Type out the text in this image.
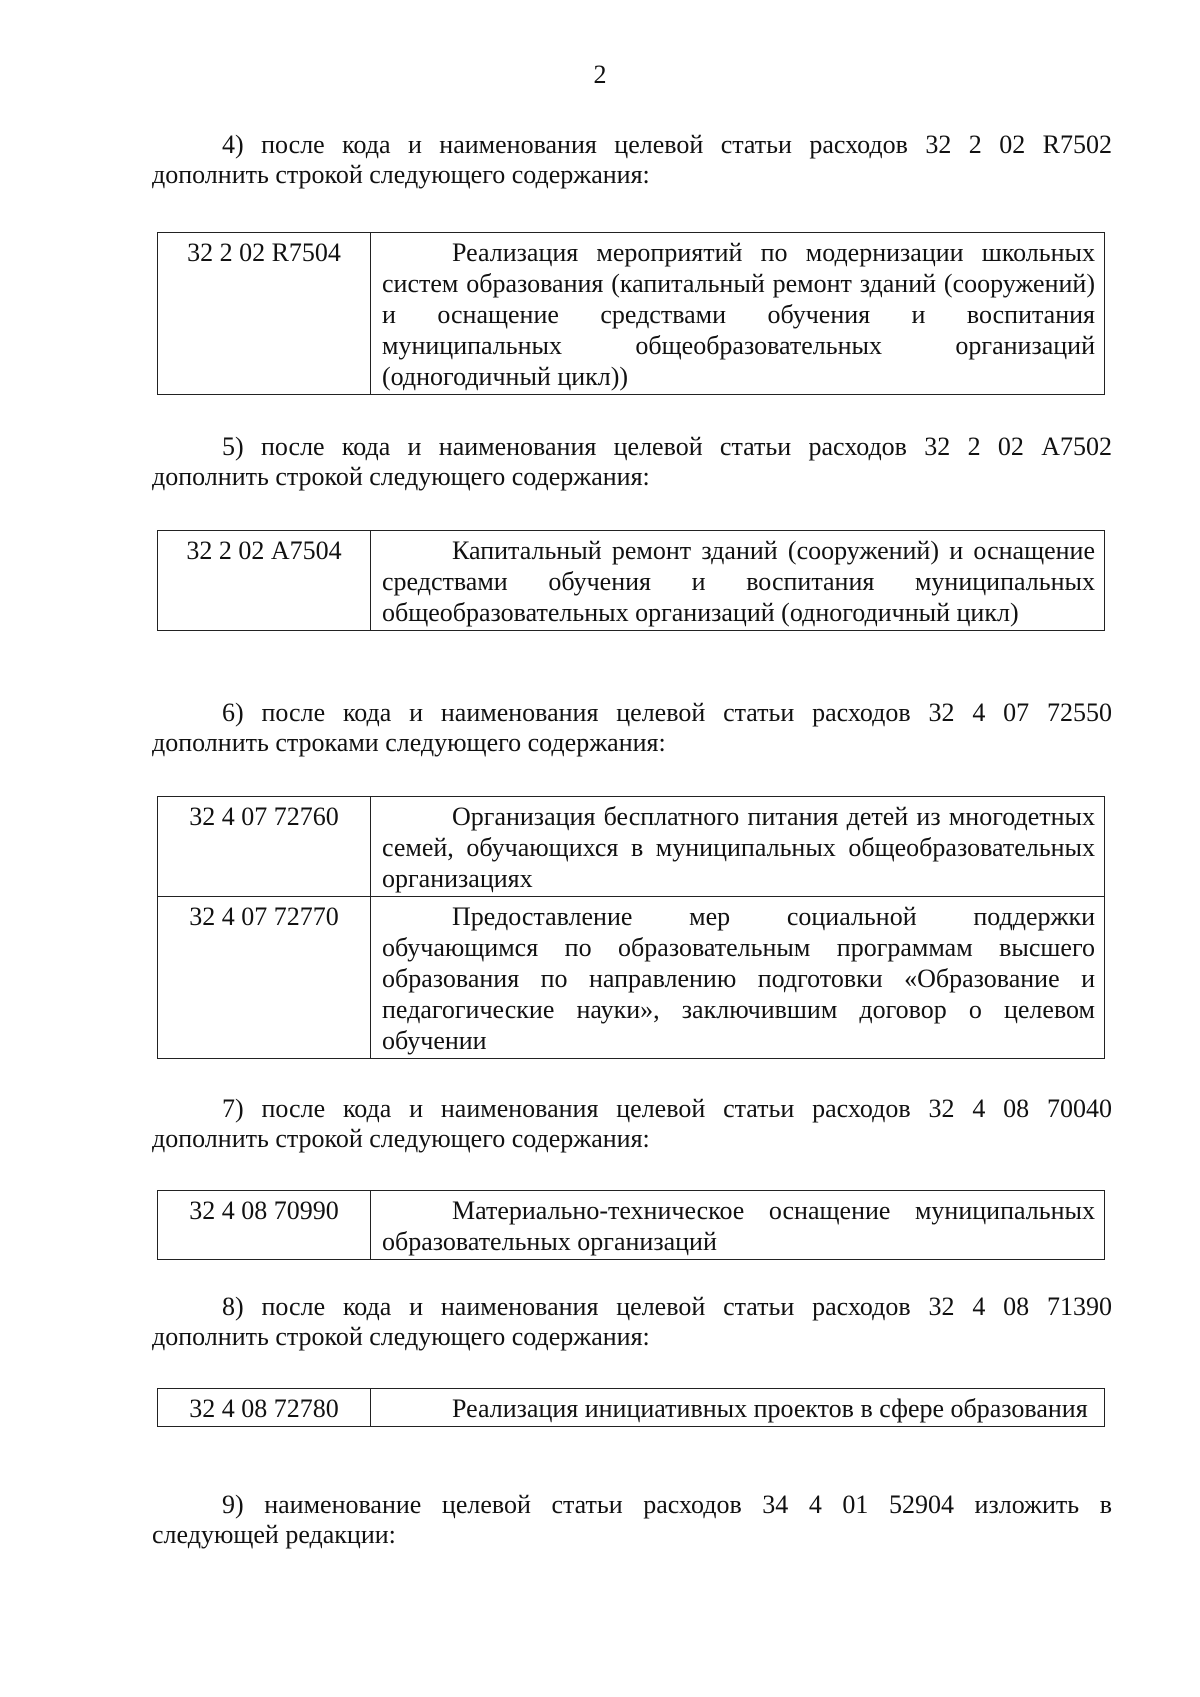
2
4) после кода и наименования целевой статьи расходов 32 2 02 R7502
дополнить строкой следующего содержания:
32 2 02 R7504	Реализация мероприятий по модернизации школьных систем образования (капитальный ремонт зданий (сооружений) и оснащение средствами обучения и воспитания муниципальных общеобразовательных организаций (одногодичный цикл))
5) после кода и наименования целевой статьи расходов 32 2 02 А7502
дополнить строкой следующего содержания:
32 2 02 А7504	Капитальный ремонт зданий (сооружений) и оснащение средствами обучения и воспитания муниципальных общеобразовательных организаций (одногодичный цикл)
6) после кода и наименования целевой статьи расходов 32 4 07 72550
дополнить строками следующего содержания:
32 4 07 72760	Организация бесплатного питания детей из многодетных семей, обучающихся в муниципальных общеобразовательных организациях

32 4 07 72770	Предоставление мер социальной поддержки обучающимся по образовательным программам высшего образования по направлению подготовки «Образование и педагогические науки», заключившим договор о целевом обучении
7) после кода и наименования целевой статьи расходов 32 4 08 70040
дополнить строкой следующего содержания:
32 4 08 70990	Материально-техническое оснащение муниципальных образовательных организаций
8) после кода и наименования целевой статьи расходов 32 4 08 71390
дополнить строкой следующего содержания:
32 4 08 72780	Реализация инициативных проектов в сфере образования
9) наименование целевой статьи расходов 34 4 01 52904 изложить в
следующей редакции:
